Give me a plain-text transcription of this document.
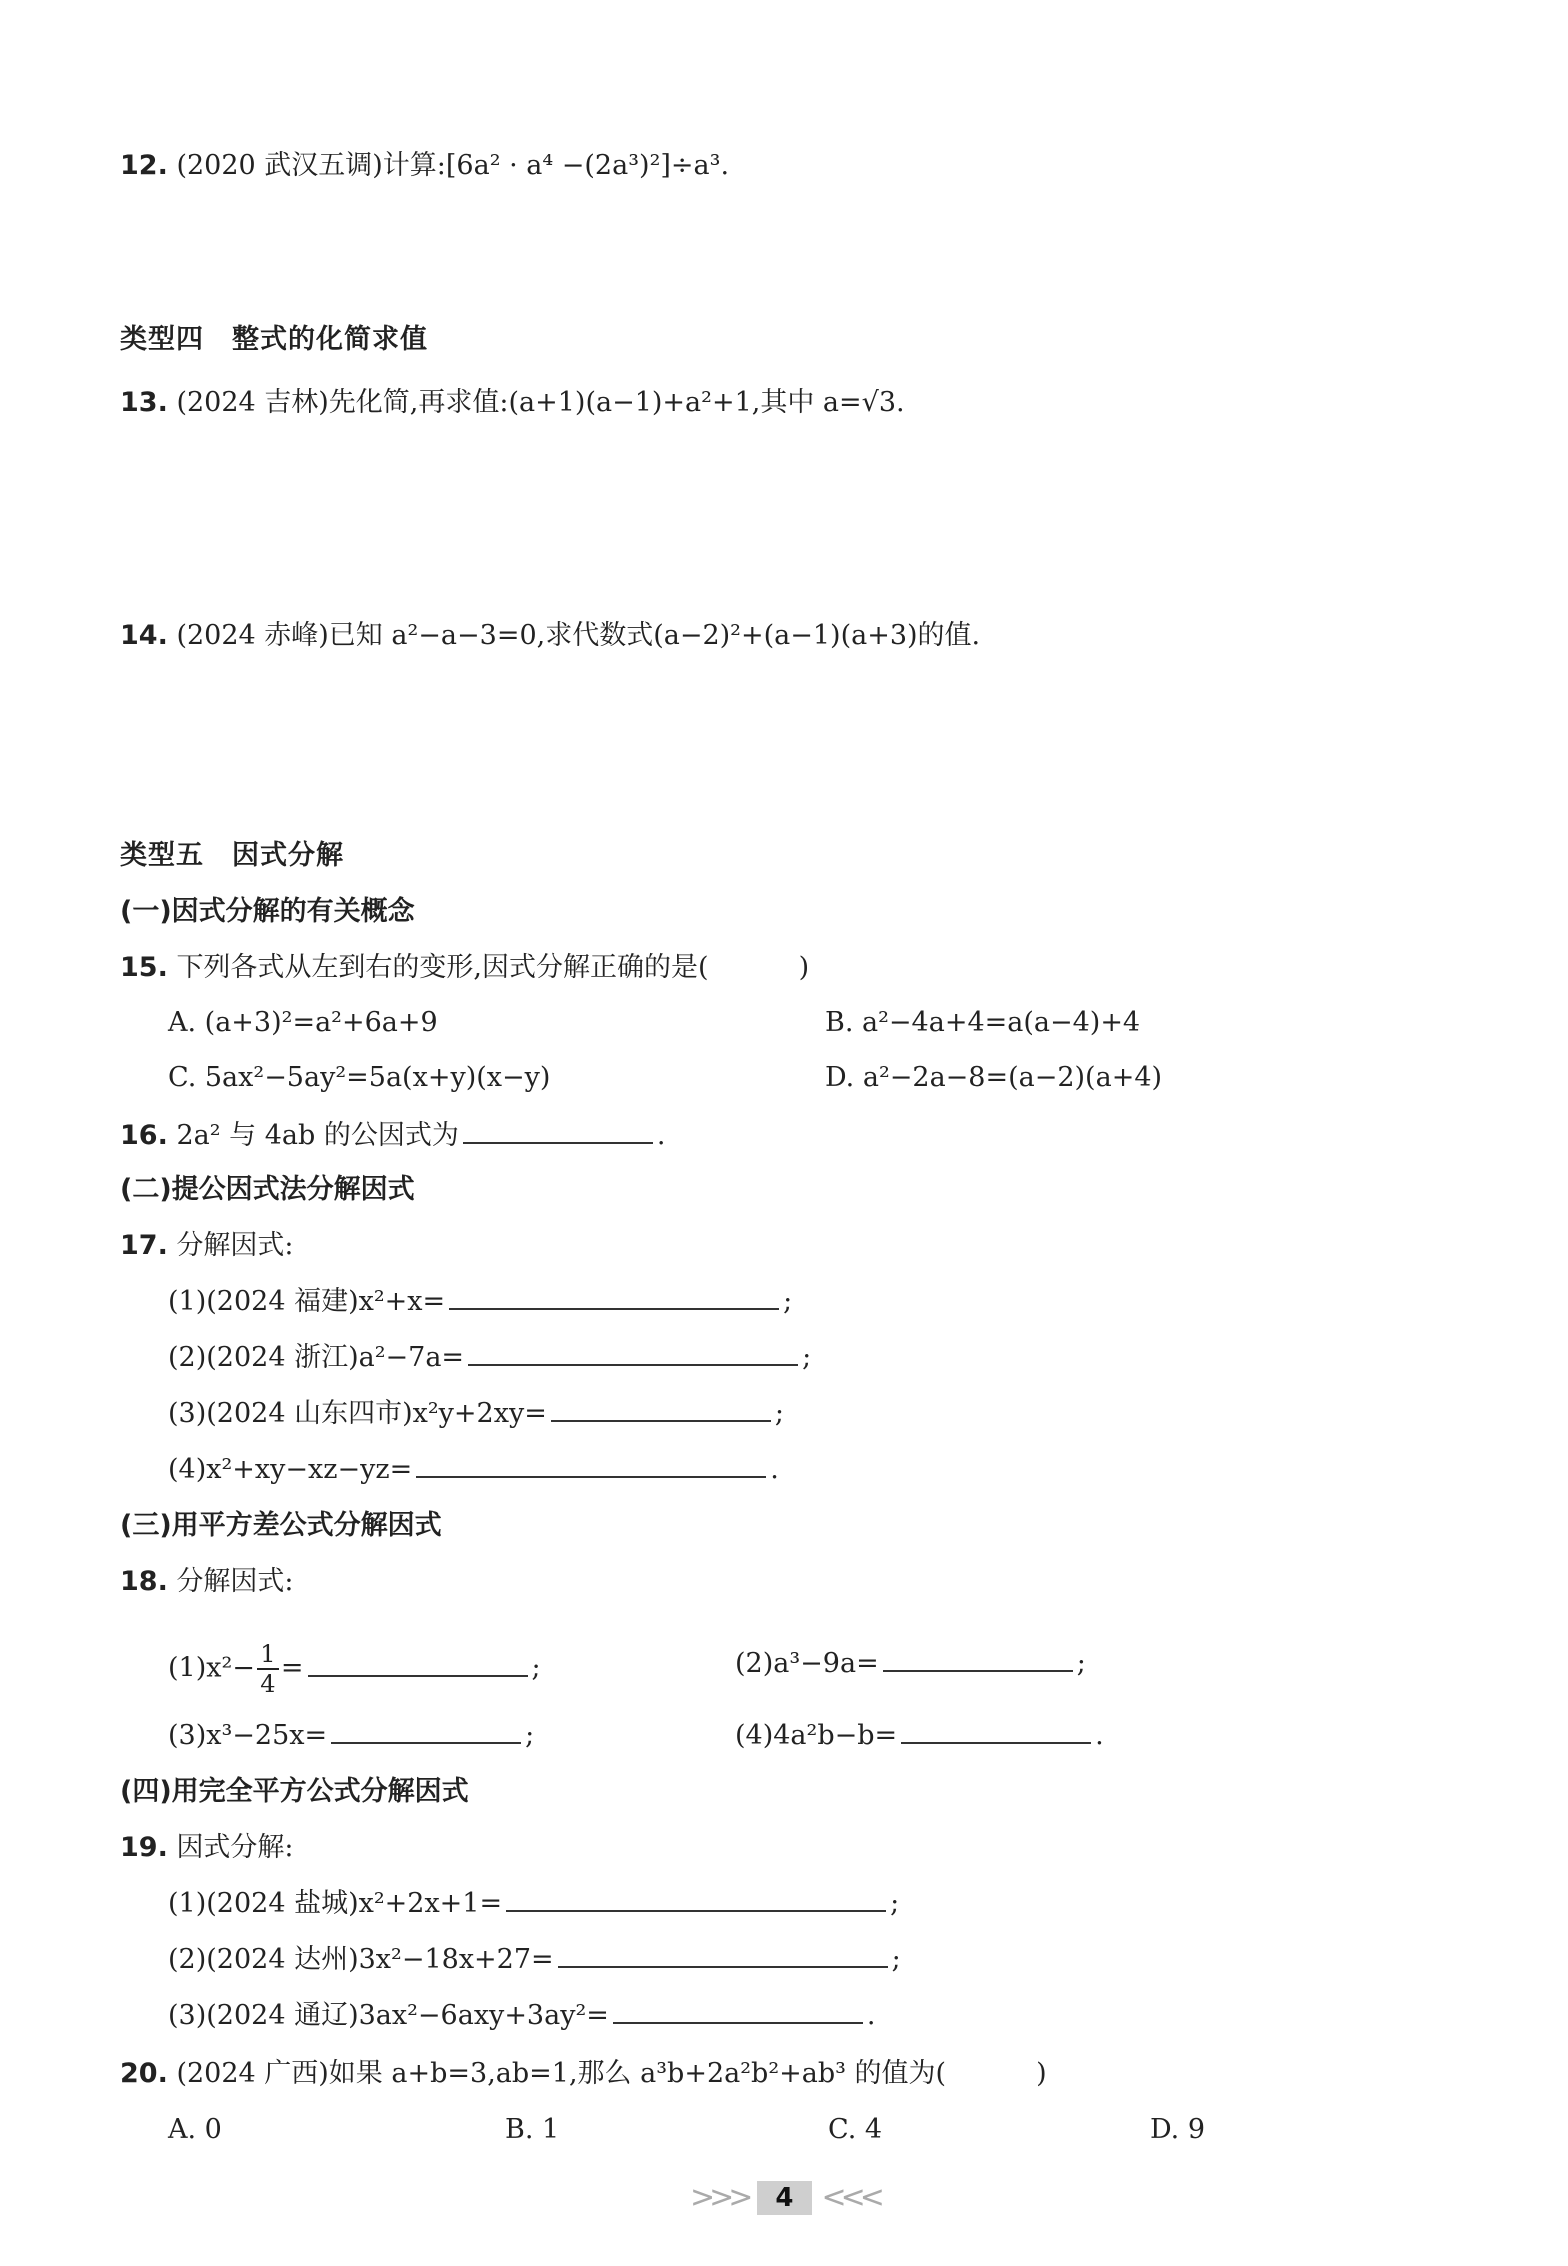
12. (2020 武汉五调)计算:[6a² · a⁴ −(2a³)²]÷a³.
类型四　整式的化简求值
13. (2024 吉林)先化简,再求值:(a+1)(a−1)+a²+1,其中 a=√3.
14. (2024 赤峰)已知 a²−a−3=0,求代数式(a−2)²+(a−1)(a+3)的值.
类型五　因式分解
(一)因式分解的有关概念
15. 下列各式从左到右的变形,因式分解正确的是(	)
A. (a+3)²=a²+6a+9	B. a²−4a+4=a(a−4)+4
C. 5ax²−5ay²=5a(x+y)(x−y)	D. a²−2a−8=(a−2)(a+4)
16. 2a² 与 4ab 的公因式为	.
(二)提公因式法分解因式
17. 分解因式:
(1)(2024 福建)x²+x=	;
(2)(2024 浙江)a²−7a=	;
(3)(2024 山东四市)x²y+2xy=	;
(4)x²+xy−xz−yz=	.
(三)用平方差公式分解因式
18. 分解因式:
$(1)x^2- \frac{1}{4}$ =	;	(2)a³−9a=	;
(3)x³−25x=	;	(4)4a²b−b=	.
(四)用完全平方公式分解因式
19. 因式分解:
(1)(2024 盐城)x²+2x+1=	;
(2)(2024 达州)3x²−18x+27=	;
(3)(2024 通辽)3ax²−6axy+3ay²=	.
20. (2024 广西)如果 a+b=3,ab=1,那么 a³b+2a²b²+ab³ 的值为(	)
A. 0	B. 1	C. 4	D. 9
>>>	4 <<<
